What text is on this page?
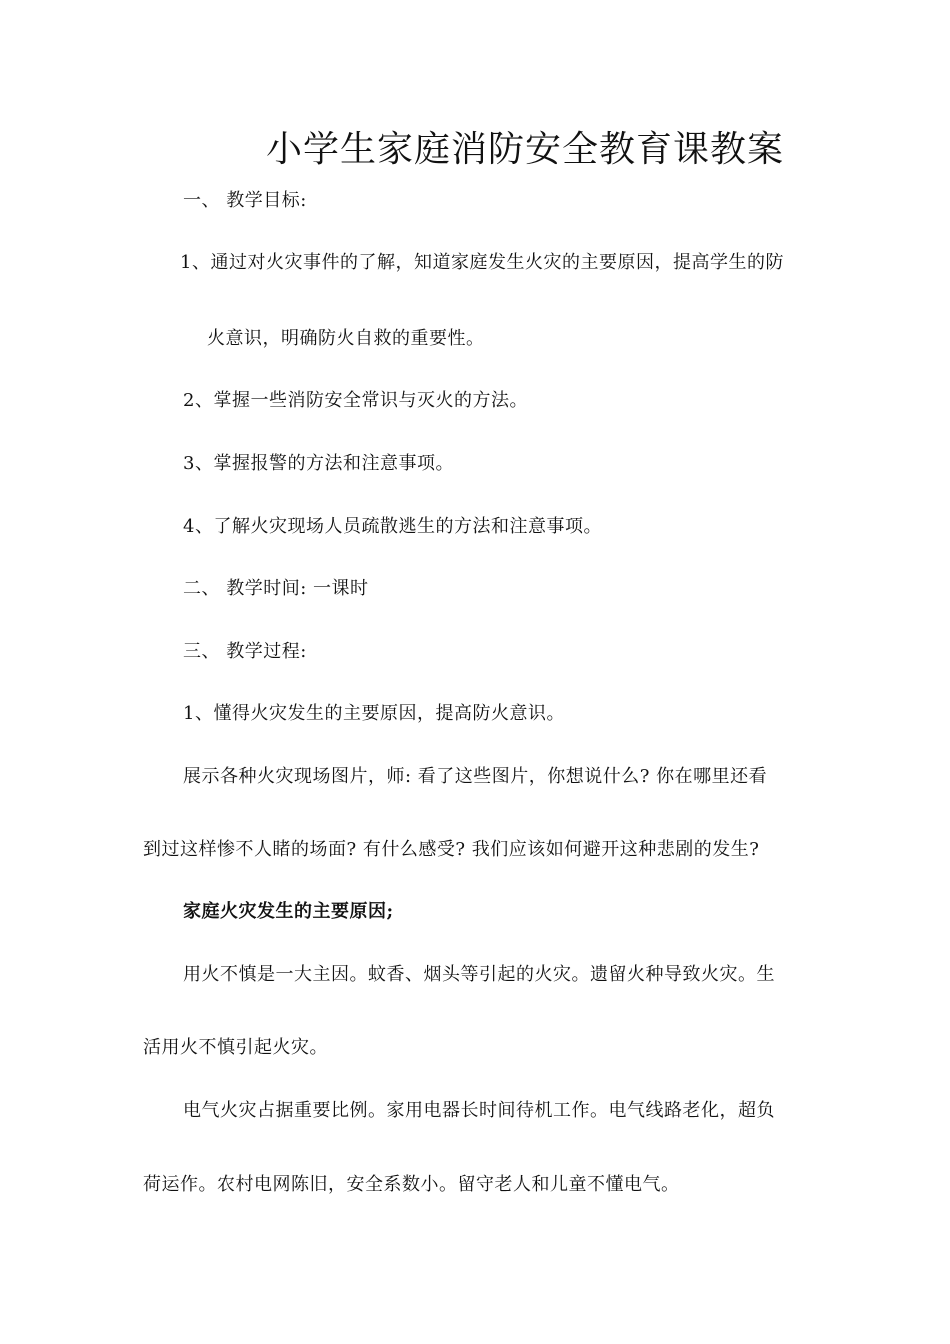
小学生家庭消防安全教育课教案
一、 教学目标:
1、通过对火灾事件的了解，知道家庭发生火灾的主要原因，提高学生的防
火意识，明确防火自救的重要性。
2、掌握一些消防安全常识与灭火的方法。
3、掌握报警的方法和注意事项。
4、了解火灾现场人员疏散逃生的方法和注意事项。
二、 教学时间: 一课时
三、 教学过程:
1、懂得火灾发生的主要原因，提高防火意识。
展示各种火灾现场图片，师: 看了这些图片，你想说什么? 你在哪里还看
到过这样惨不人睹的场面? 有什么感受? 我们应该如何避开这种悲剧的发生?
家庭火灾发生的主要原因;
用火不慎是一大主因。蚊香、烟头等引起的火灾。遗留火种导致火灾。生
活用火不慎引起火灾。
电气火灾占据重要比例。家用电器长时间待机工作。电气线路老化，超负
荷运作。农村电网陈旧，安全系数小。留守老人和儿童不懂电气。
